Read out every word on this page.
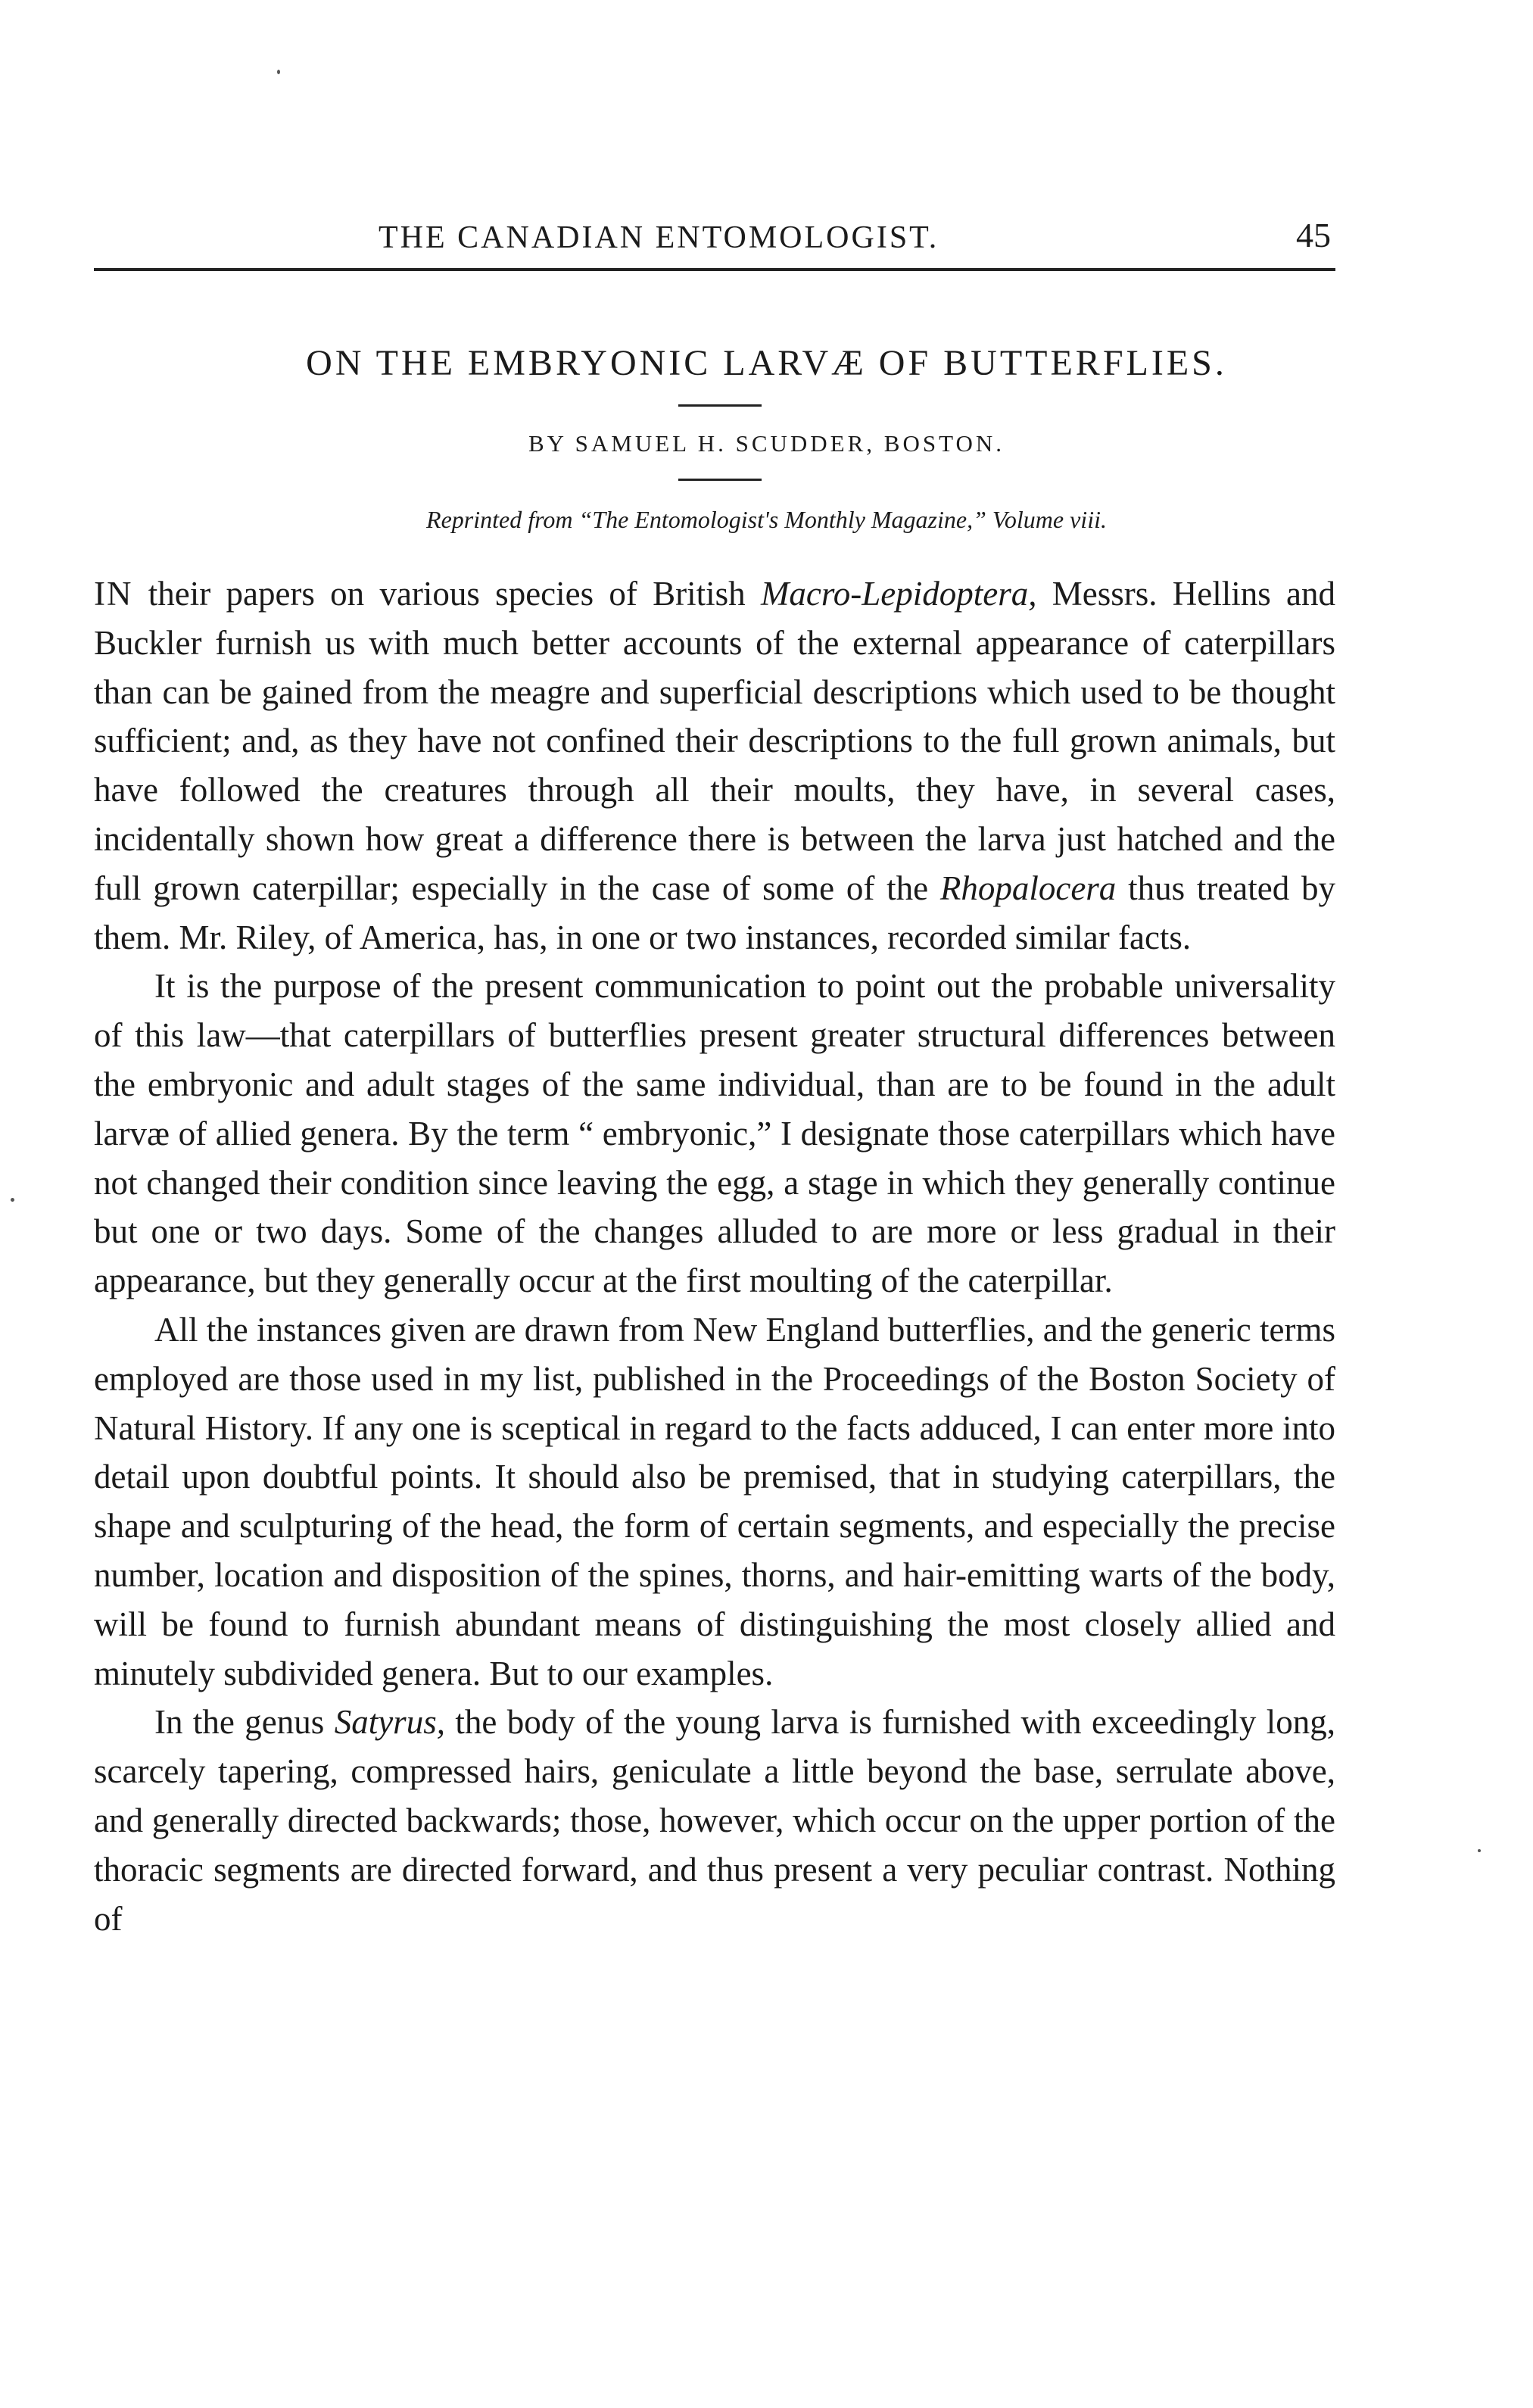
THE CANADIAN ENTOMOLOGIST.	45
ON THE EMBRYONIC LARVÆ OF BUTTERFLIES.
BY SAMUEL H. SCUDDER, BOSTON.
Reprinted from “The Entomologist's Monthly Magazine,” Volume viii.

IN their papers on various species of British Macro-Lepidoptera, Messrs. Hellins and Buckler furnish us with much better accounts of the external appearance of caterpillars than can be gained from the meagre and superficial descriptions which used to be thought sufficient; and, as they have not confined their descriptions to the full grown animals, but have followed the creatures through all their moults, they have, in several cases, incidentally shown how great a difference there is between the larva just hatched and the full grown caterpillar; especially in the case of some of the Rhopalocera thus treated by them. Mr. Riley, of America, has, in one or two instances, recorded similar facts.

It is the purpose of the present communication to point out the probable universality of this law—that caterpillars of butterflies present greater structural differences between the embryonic and adult stages of the same individual, than are to be found in the adult larvæ of allied genera. By the term “ embryonic,” I designate those caterpillars which have not changed their condition since leaving the egg, a stage in which they generally continue but one or two days. Some of the changes alluded to are more or less gradual in their appearance, but they generally occur at the first moulting of the caterpillar.

All the instances given are drawn from New England butterflies, and the generic terms employed are those used in my list, published in the Proceedings of the Boston Society of Natural History. If any one is sceptical in regard to the facts adduced, I can enter more into detail upon doubtful points. It should also be premised, that in studying caterpillars, the shape and sculpturing of the head, the form of certain segments, and especially the precise number, location and disposition of the spines, thorns, and hair-emitting warts of the body, will be found to furnish abundant means of distinguishing the most closely allied and minutely subdivided genera. But to our examples.

In the genus Satyrus, the body of the young larva is furnished with exceedingly long, scarcely tapering, compressed hairs, geniculate a little beyond the base, serrulate above, and generally directed backwards; those, however, which occur on the upper portion of the thoracic segments are directed forward, and thus present a very peculiar contrast. Nothing of
